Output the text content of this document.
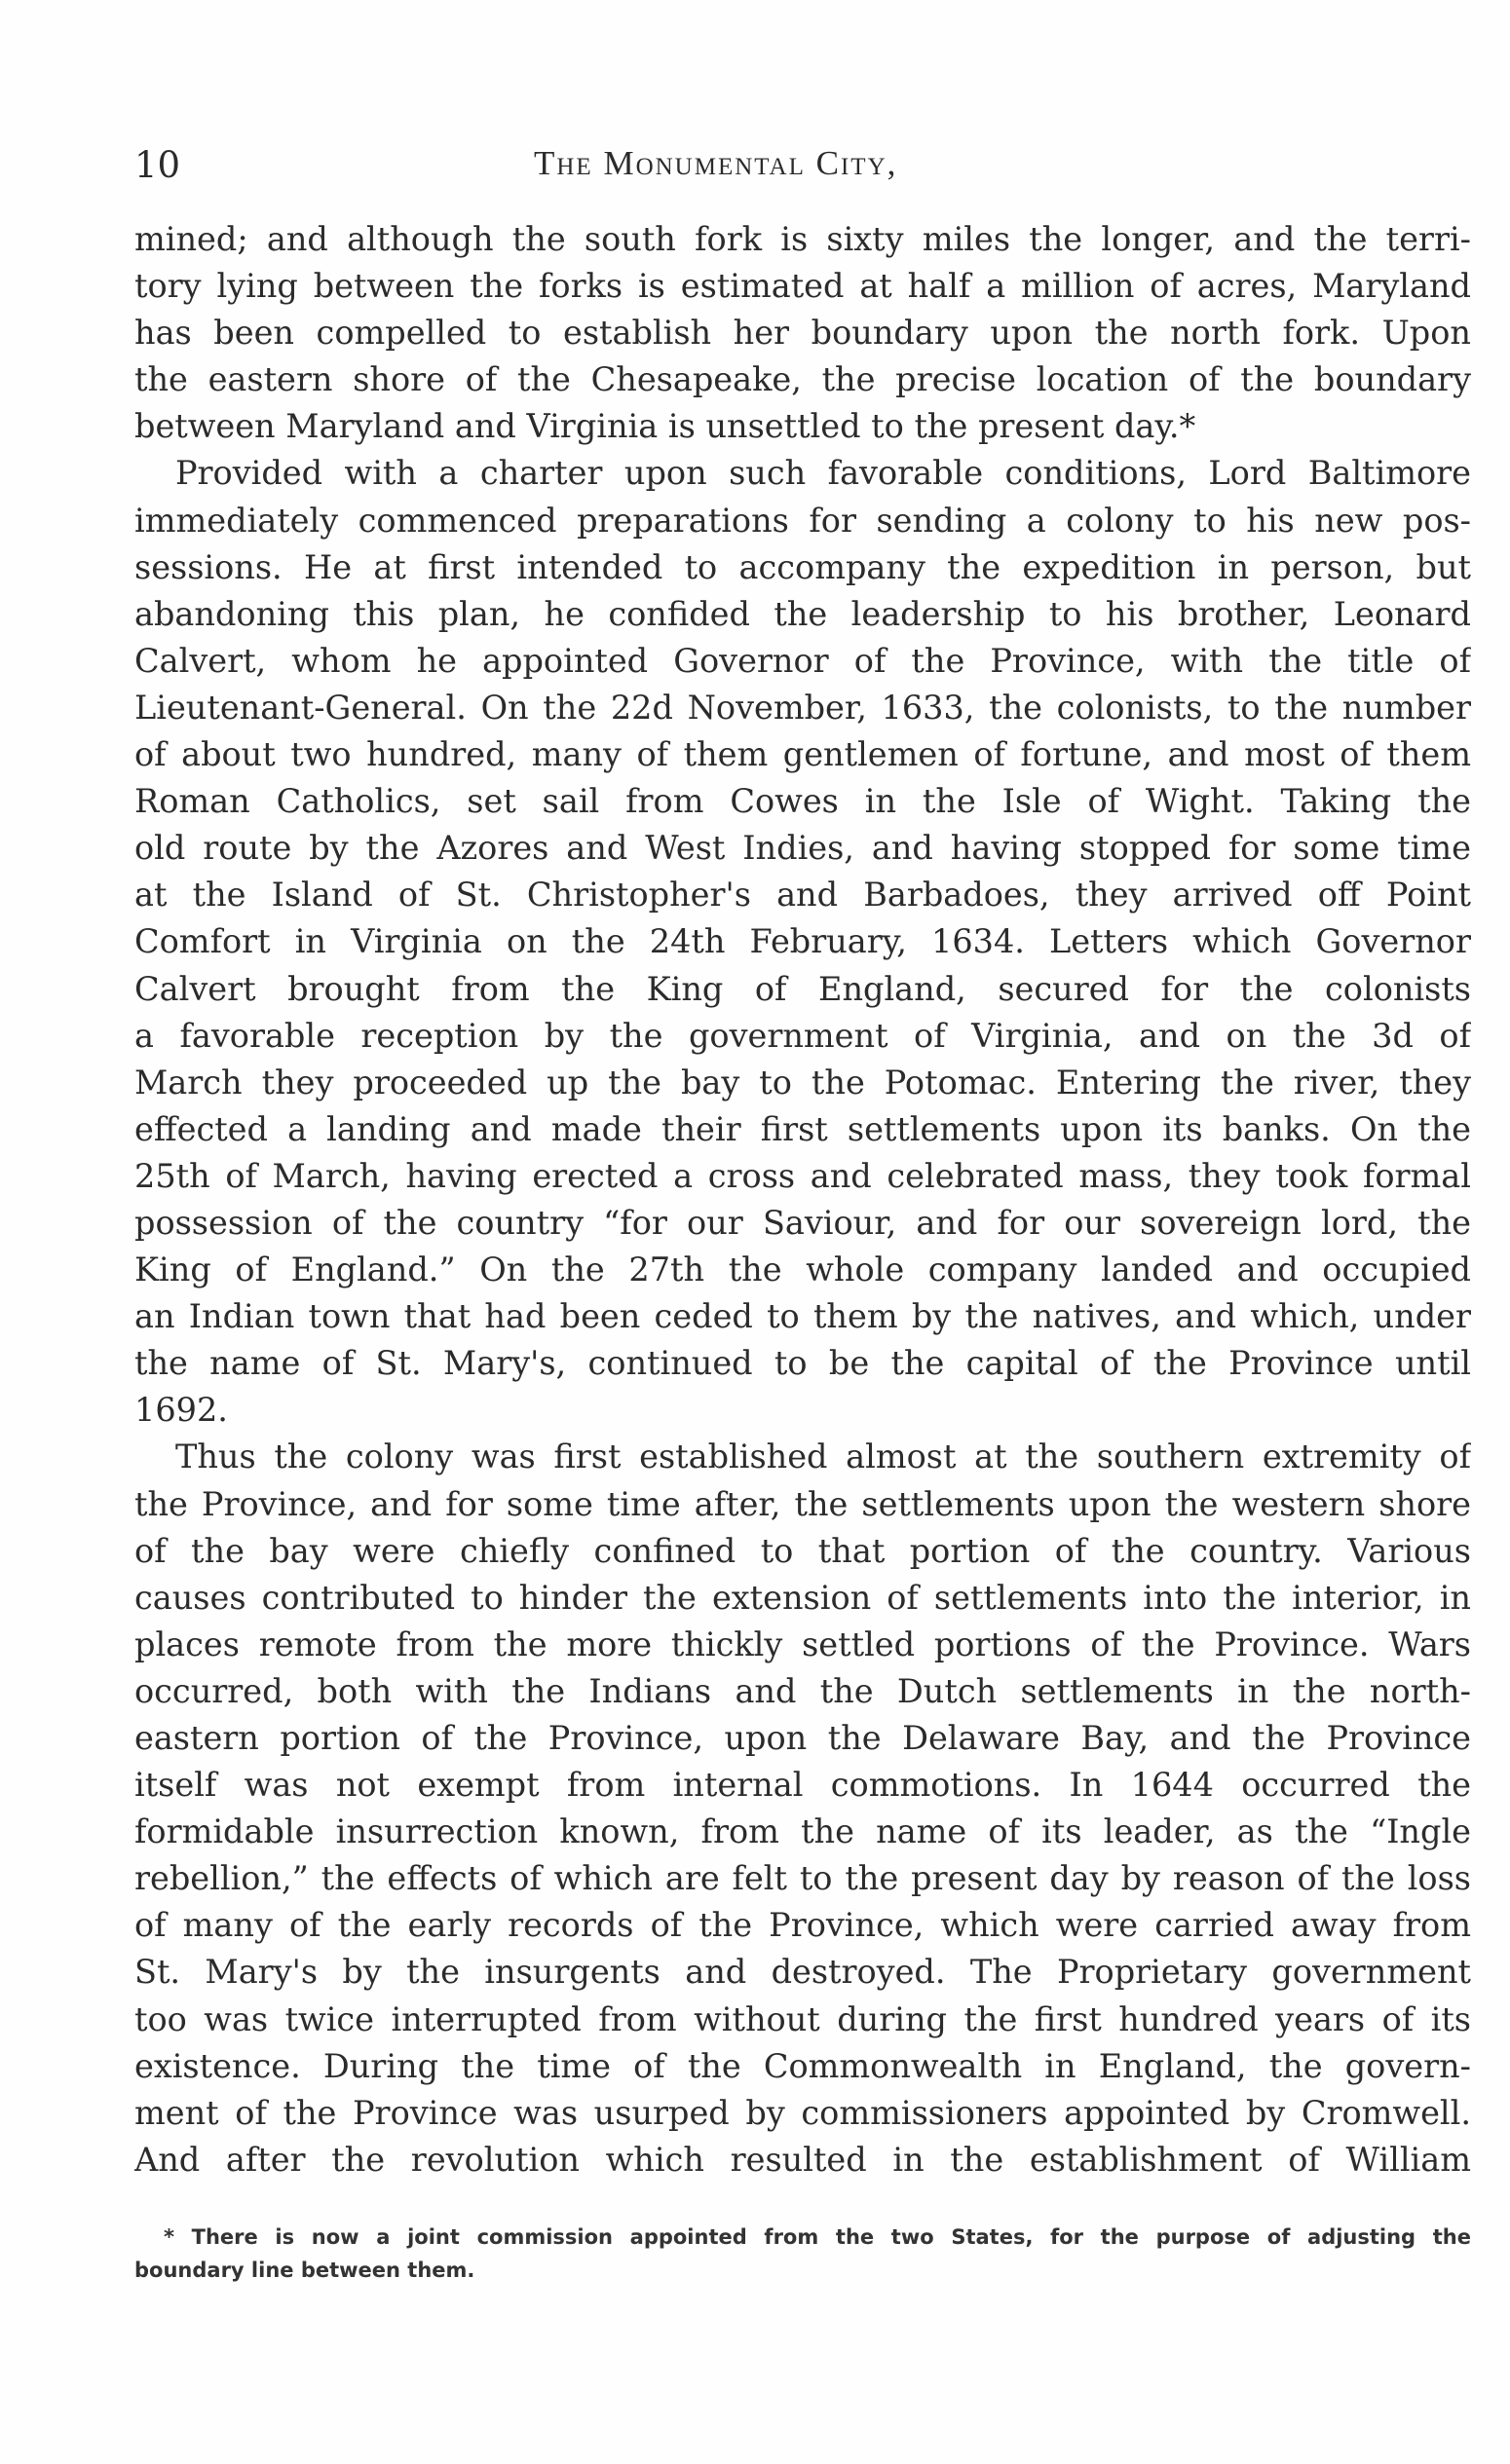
10	The Monumental City,
mined; and although the south fork is sixty miles the longer, and the terri-
tory lying between the forks is estimated at half a million of acres, Maryland
has been compelled to establish her boundary upon the north fork. Upon
the eastern shore of the Chesapeake, the precise location of the boundary
between Maryland and Virginia is unsettled to the present day.*
Provided with a charter upon such favorable conditions, Lord Baltimore
immediately commenced preparations for sending a colony to his new pos-
sessions. He at first intended to accompany the expedition in person, but
abandoning this plan, he confided the leadership to his brother, Leonard
Calvert, whom he appointed Governor of the Province, with the title of
Lieutenant-General. On the 22d November, 1633, the colonists, to the number
of about two hundred, many of them gentlemen of fortune, and most of them
Roman Catholics, set sail from Cowes in the Isle of Wight. Taking the
old route by the Azores and West Indies, and having stopped for some time
at the Island of St. Christopher's and Barbadoes, they arrived off Point
Comfort in Virginia on the 24th February, 1634. Letters which Governor
Calvert brought from the King of England, secured for the colonists
a favorable reception by the government of Virginia, and on the 3d of
March they proceeded up the bay to the Potomac. Entering the river, they
effected a landing and made their first settlements upon its banks. On the
25th of March, having erected a cross and celebrated mass, they took formal
possession of the country “for our Saviour, and for our sovereign lord, the
King of England.” On the 27th the whole company landed and occupied
an Indian town that had been ceded to them by the natives, and which, under
the name of St. Mary's, continued to be the capital of the Province until
1692.
Thus the colony was first established almost at the southern extremity of
the Province, and for some time after, the settlements upon the western shore
of the bay were chiefly confined to that portion of the country. Various
causes contributed to hinder the extension of settlements into the interior, in
places remote from the more thickly settled portions of the Province. Wars
occurred, both with the Indians and the Dutch settlements in the north-
eastern portion of the Province, upon the Delaware Bay, and the Province
itself was not exempt from internal commotions. In 1644 occurred the
formidable insurrection known, from the name of its leader, as the “Ingle
rebellion,” the effects of which are felt to the present day by reason of the loss
of many of the early records of the Province, which were carried away from
St. Mary's by the insurgents and destroyed. The Proprietary government
too was twice interrupted from without during the first hundred years of its
existence. During the time of the Commonwealth in England, the govern-
ment of the Province was usurped by commissioners appointed by Cromwell.
And after the revolution which resulted in the establishment of William
* There is now a joint commission appointed from the two States, for the purpose of adjusting the
boundary line between them.
